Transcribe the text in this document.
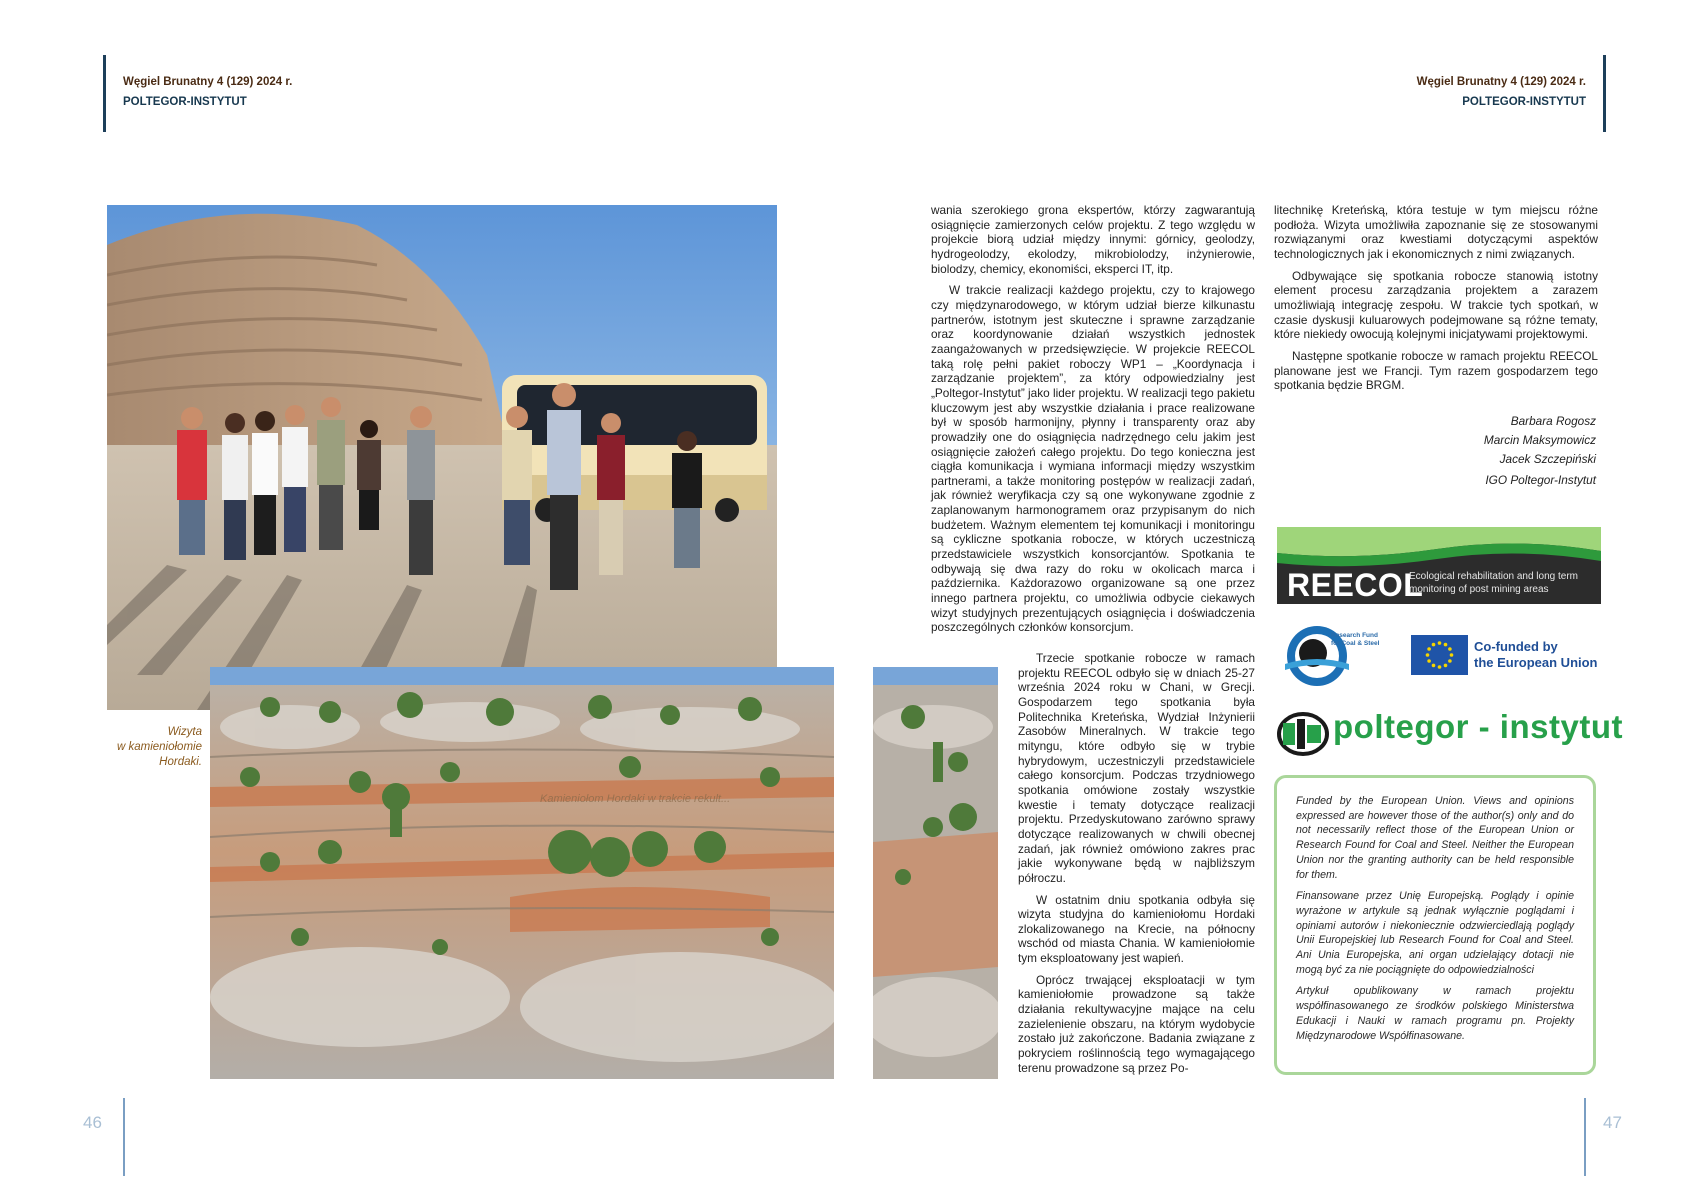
Węgiel Brunatny 4 (129) 2024 r.
POLTEGOR-INSTYTUT
Węgiel Brunatny 4 (129) 2024 r.
POLTEGOR-INSTYTUT
Kamieniołom Hordaki w trakcie rekult...
Wizyta
w kamieniołomie
Hordaki.

wania szerokiego grona ekspertów, którzy zagwarantują osiągnięcie zamierzonych celów projektu. Z tego względu w projekcie biorą udział między innymi: górnicy, geolodzy, hydrogeolodzy, ekolodzy, mikrobiolodzy, inżynierowie, biolodzy, chemicy, ekonomiści, eksperci IT, itp.

W trakcie realizacji każdego projektu, czy to krajowego czy międzynarodowego, w którym udział bierze kilkunastu partnerów, istotnym jest skuteczne i sprawne zarządzanie oraz koordynowanie działań wszystkich jednostek zaangażowanych w przedsięwzięcie. W projekcie REECOL taką rolę pełni pakiet roboczy WP1 – „Koordynacja i zarządzanie projektem”, za który odpowiedzialny jest „Poltegor-Instytut” jako lider projektu. W realizacji tego pakietu kluczowym jest aby wszystkie działania i prace realizowane był w sposób harmonijny, płynny i transparenty oraz aby prowadziły one do osiągnięcia nadrzędnego celu jakim jest osiągnięcie założeń całego projektu. Do tego konieczna jest ciągła komunikacja i wymiana informacji między wszystkim partnerami, a także monitoring postępów w realizacji zadań, jak również weryfikacja czy są one wykonywane zgodnie z zaplanowanym harmonogramem oraz przypisanym do nich budżetem. Ważnym elementem tej komunikacji i monitoringu są cykliczne spotkania robocze, w których uczestniczą przedstawiciele wszystkich konsorcjantów. Spotkania te odbywają się dwa razy do roku w okolicach marca i października. Każdorazowo organizowane są one przez innego partnera projektu, co umożliwia odbycie ciekawych wizyt studyjnych prezentujących osiągnięcia i doświadczenia poszczególnych członków konsorcjum.

Trzecie spotkanie robocze w ramach projektu REECOL odbyło się w dniach 25-27 września 2024 roku w Chani, w Grecji. Gospodarzem tego spotkania była Politechnika Kreteńska, Wydział Inżynierii Zasobów Mineralnych. W trakcie tego mityngu, które odbyło się w trybie hybrydowym, uczestniczyli przedstawiciele całego konsorcjum. Podczas trzydniowego spotkania omówione zostały wszystkie kwestie i tematy dotyczące realizacji projektu. Przedyskutowano zarówno sprawy dotyczące realizowanych w chwili obecnej zadań, jak również omówiono zakres prac jakie wykonywane będą w najbliższym półroczu.

W ostatnim dniu spotkania odbyła się wizyta studyjna do kamieniołomu Hordaki zlokalizowanego na Krecie, na północny wschód od miasta Chania. W kamieniołomie tym eksploatowany jest wapień.

Oprócz trwającej eksploatacji w tym kamieniołomie prowadzone są także działania rekultywacyjne mające na celu zazielenienie obszaru, na którym wydobycie zostało już zakończone. Badania związane z pokryciem roślinnością tego wymagającego terenu prowadzone są przez Po-

litechnikę Kreteńską, która testuje w tym miejscu różne podłoża. Wizyta umożliwiła zapoznanie się ze stosowanymi rozwiązanymi oraz kwestiami dotyczącymi aspektów technologicznych jak i ekonomicznych z nimi związanych.

Odbywające się spotkania robocze stanowią istotny element procesu zarządzania projektem a zarazem umożliwiają integrację zespołu. W trakcie tych spotkań, w czasie dyskusji kuluarowych podejmowane są różne tematy, które niekiedy owocują kolejnymi inicjatywami projektowymi.

Następne spotkanie robocze w ramach projektu REECOL planowane jest we Francji. Tym razem gospodarzem tego spotkania będzie BRGM.

Barbara Rogosz
Marcin Maksymowicz
Jacek Szczepiński
IGO Poltegor-Instytut
REECOL
Ecological rehabilitation and long term
monitoring of post mining areas
Research Fund
for Coal & Steel	Co-funded by
the European Union
poltegor - instytut

Funded by the European Union. Views and opinions expressed are however those of the author(s) only and do not necessarily reflect those of the European Union or Research Found for Coal and Steel. Neither the European Union nor the granting authority can be held responsible for them.

Finansowane przez Unię Europejską. Poglądy i opinie wyrażone w artykule są jednak wyłącznie poglądami i opiniami autorów i niekoniecznie odzwierciedlają poglądy Unii Europejskiej lub Research Found for Coal and Steel. Ani Unia Europejska, ani organ udzielający dotacji nie mogą być za nie pociągnięte do odpowiedzialności

Artykuł opublikowany w ramach projektu współfinasowanego ze środków polskiego Ministerstwa Edukacji i Nauki w ramach programu pn. Projekty Międzynarodowe Współfinasowane.

46	47
